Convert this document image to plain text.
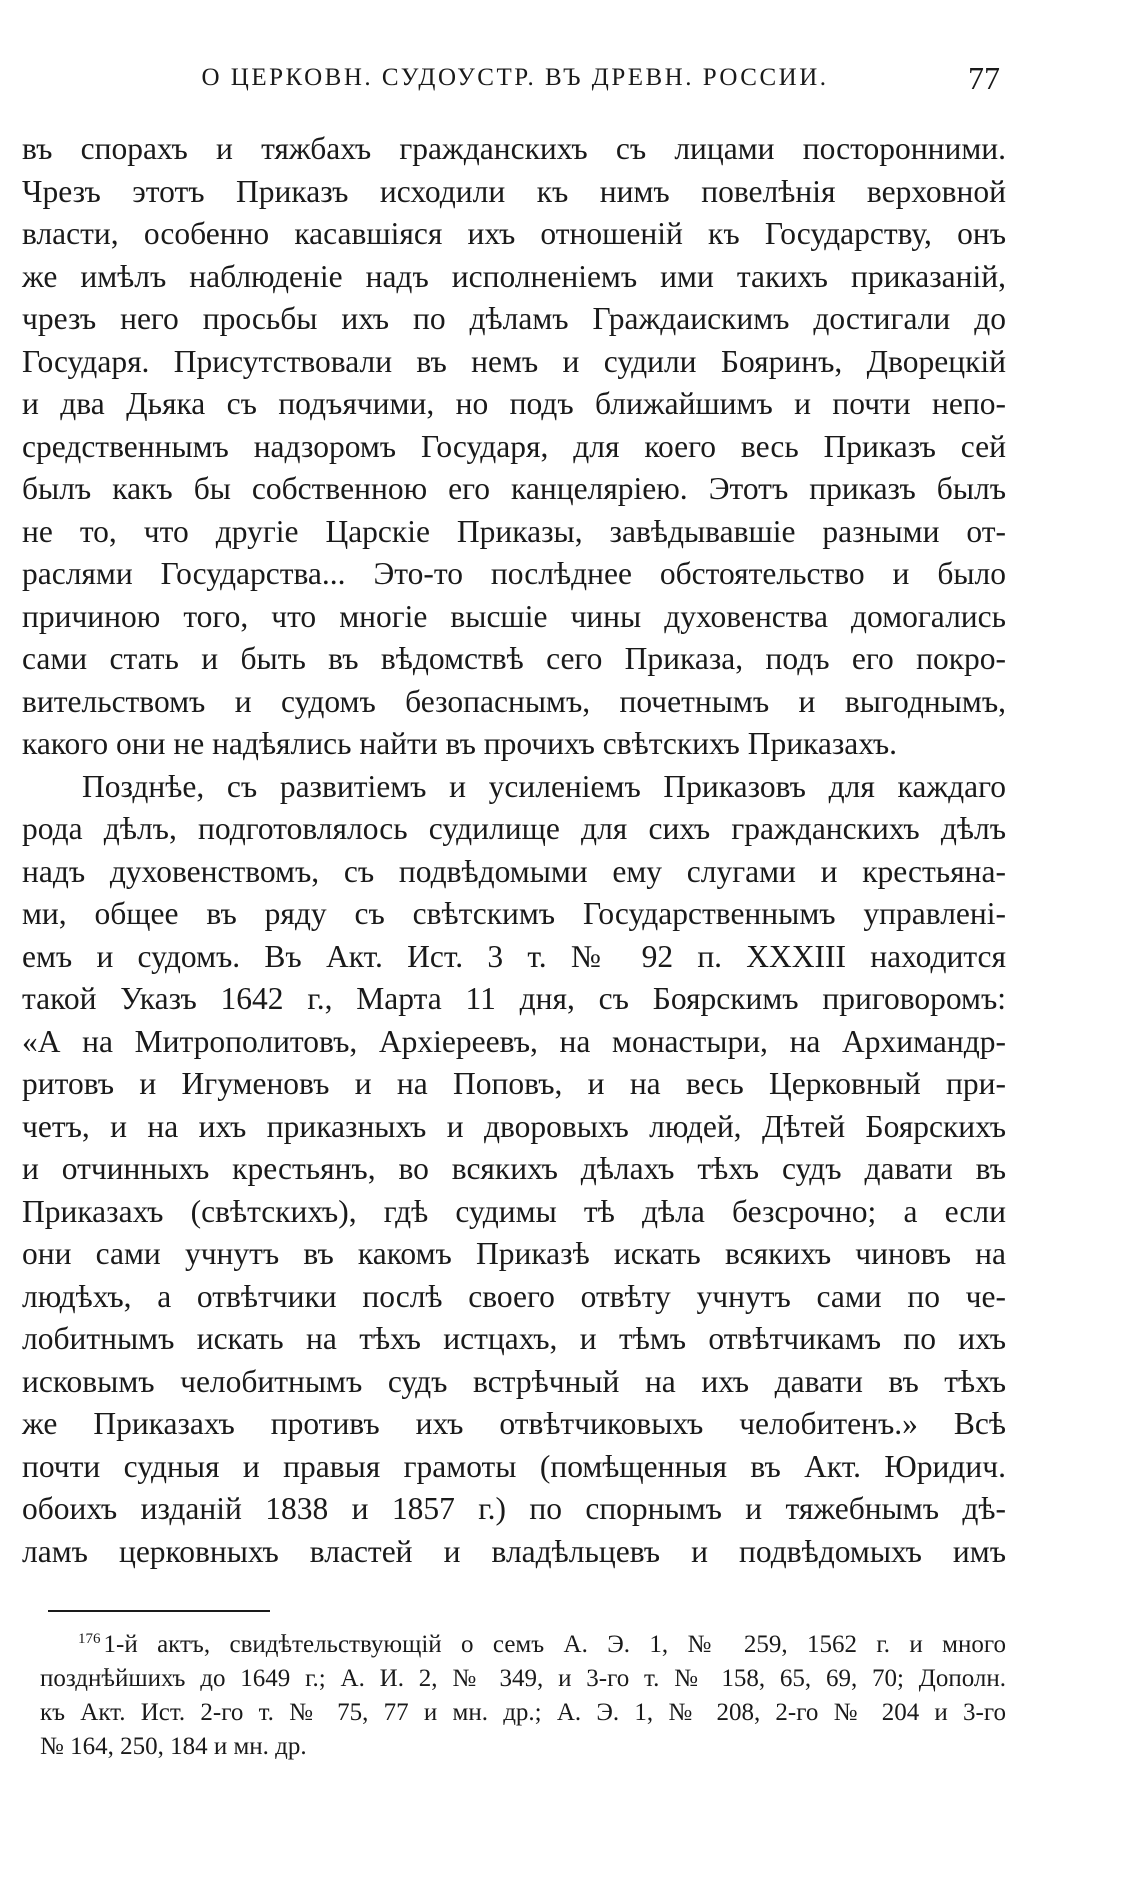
О ЦЕРКОВН. СУДОУСТР. ВЪ ДРЕВН. РОССИИ.	77
въ спорахъ и тяжбахъ гражданскихъ съ лицами посторонними.
Чрезъ этотъ Приказъ исходили къ нимъ повелѣнія верховной
власти, особенно касавшіяся ихъ отношеній къ Государству, онъ
же имѣлъ наблюденіе надъ исполненіемъ ими такихъ приказаній,
чрезъ него просьбы ихъ по дѣламъ Граждаискимъ достигали до
Государя. Присутствовали въ немъ и судили Бояринъ, Дворецкій
и два Дьяка съ подъячими, но подъ ближайшимъ и почти непо-
средственнымъ надзоромъ Государя, для коего весь Приказъ сей
былъ какъ бы собственною его канцеляріею. Этотъ приказъ былъ
не то, что другіе Царскіе Приказы, завѣдывавшіе разными от-
раслями Государства... Это-то послѣднее обстоятельство и было
причиною того, что многіе высшіе чины духовенства домогались
сами стать и быть въ вѣдомствѣ сего Приказа, подъ его покро-
вительствомъ и судомъ безопаснымъ, почетнымъ и выгоднымъ,
какого они не надѣялись найти въ прочихъ свѣтскихъ Приказахъ.
Позднѣе, съ развитіемъ и усиленіемъ Приказовъ для каждаго
рода дѣлъ, подготовлялось судилище для сихъ гражданскихъ дѣлъ
надъ духовенствомъ, съ подвѣдомыми ему слугами и крестьяна-
ми, общее въ ряду съ свѣтскимъ Государственнымъ управленi-
емъ и судомъ. Въ Акт. Ист. 3 т. № 92 п. XXXIII находится
такой Указъ 1642 г., Марта 11 дня, съ Боярскимъ приговоромъ:
«А на Митрополитовъ, Архіереевъ, на монастыри, на Архимандр-
ритовъ и Игуменовъ и на Поповъ, и на весь Церковный при-
четъ, и на ихъ приказныхъ и дворовыхъ людей, Дѣтей Боярскихъ
и отчинныхъ крестьянъ, во всякихъ дѣлахъ тѣхъ судъ давати въ
Приказахъ (свѣтскихъ), гдѣ судимы тѣ дѣла безсрочно; а если
они сами учнутъ въ какомъ Приказѣ искать всякихъ чиновъ на
людѣхъ, а отвѣтчики послѣ своего отвѣту учнутъ сами по че-
лобитнымъ искать на тѣхъ истцахъ, и тѣмъ отвѣтчикамъ по ихъ
исковымъ челобитнымъ судъ встрѣчный на ихъ давати въ тѣхъ
же Приказахъ противъ ихъ отвѣтчиковыхъ челобитенъ.» Всѣ
почти судныя и правыя грамоты (помѣщенныя въ Акт. Юридич.
обоихъ изданій 1838 и 1857 г.) по спорнымъ и тяжебнымъ дѣ-
ламъ церковныхъ властей и владѣльцевъ и подвѣдомыхъ имъ
$^{176}$ 1-й актъ, свидѣтельствующій о семъ А. Э. 1, № 259, 1562 г. и много
позднѣйшихъ до 1649 г.; А. И. 2, № 349, и 3-го т. № 158, 65, 69, 70; Дополн.
къ Акт. Ист. 2-го т. № 75, 77 и мн. др.; А. Э. 1, № 208, 2-го № 204 и 3-го
№ 164, 250, 184 и мн. др.
